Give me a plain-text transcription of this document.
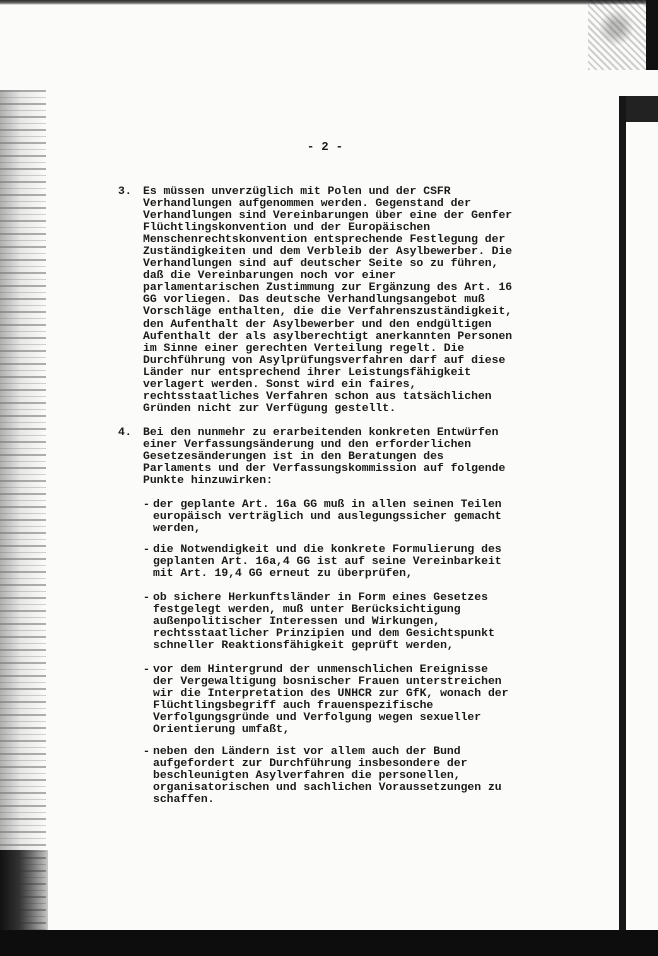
- 2 -
3. Es müssen unverzüglich mit Polen und der CSFR
Verhandlungen aufgenommen werden. Gegenstand der
Verhandlungen sind Vereinbarungen über eine der Genfer
Flüchtlingskonvention und der Europäischen
Menschenrechtskonvention entsprechende Festlegung der
Zuständigkeiten und dem Verbleib der Asylbewerber. Die
Verhandlungen sind auf deutscher Seite so zu führen,
daß die Vereinbarungen noch vor einer
parlamentarischen Zustimmung zur Ergänzung des Art. 16
GG vorliegen. Das deutsche Verhandlungsangebot muß
Vorschläge enthalten, die die Verfahrenszuständigkeit,
den Aufenthalt der Asylbewerber und den endgültigen
Aufenthalt der als asylberechtigt anerkannten Personen
im Sinne einer gerechten Verteilung regelt. Die
Durchführung von Asylprüfungsverfahren darf auf diese
Länder nur entsprechend ihrer Leistungsfähigkeit
verlagert werden. Sonst wird ein faires,
rechtsstaatliches Verfahren schon aus tatsächlichen
Gründen nicht zur Verfügung gestellt.
4. Bei den nunmehr zu erarbeitenden konkreten Entwürfen
einer Verfassungsänderung und den erforderlichen
Gesetzesänderungen ist in den Beratungen des
Parlaments und der Verfassungskommission auf folgende
Punkte hinzuwirken:
- der geplante Art. 16a GG muß in allen seinen Teilen
europäisch verträglich und auslegungssicher gemacht
werden,
- die Notwendigkeit und die konkrete Formulierung des
geplanten Art. 16a,4 GG ist auf seine Vereinbarkeit
mit Art. 19,4 GG erneut zu überprüfen,
- ob sichere Herkunftsländer in Form eines Gesetzes
festgelegt werden, muß unter Berücksichtigung
außenpolitischer Interessen und Wirkungen,
rechtsstaatlicher Prinzipien und dem Gesichtspunkt
schneller Reaktionsfähigkeit geprüft werden,
- vor dem Hintergrund der unmenschlichen Ereignisse
der Vergewaltigung bosnischer Frauen unterstreichen
wir die Interpretation des UNHCR zur GfK, wonach der
Flüchtlingsbegriff auch frauenspezifische
Verfolgungsgründe und Verfolgung wegen sexueller
Orientierung umfaßt,
- neben den Ländern ist vor allem auch der Bund
aufgefordert zur Durchführung insbesondere der
beschleunigten Asylverfahren die personellen,
organisatorischen und sachlichen Voraussetzungen zu
schaffen.
